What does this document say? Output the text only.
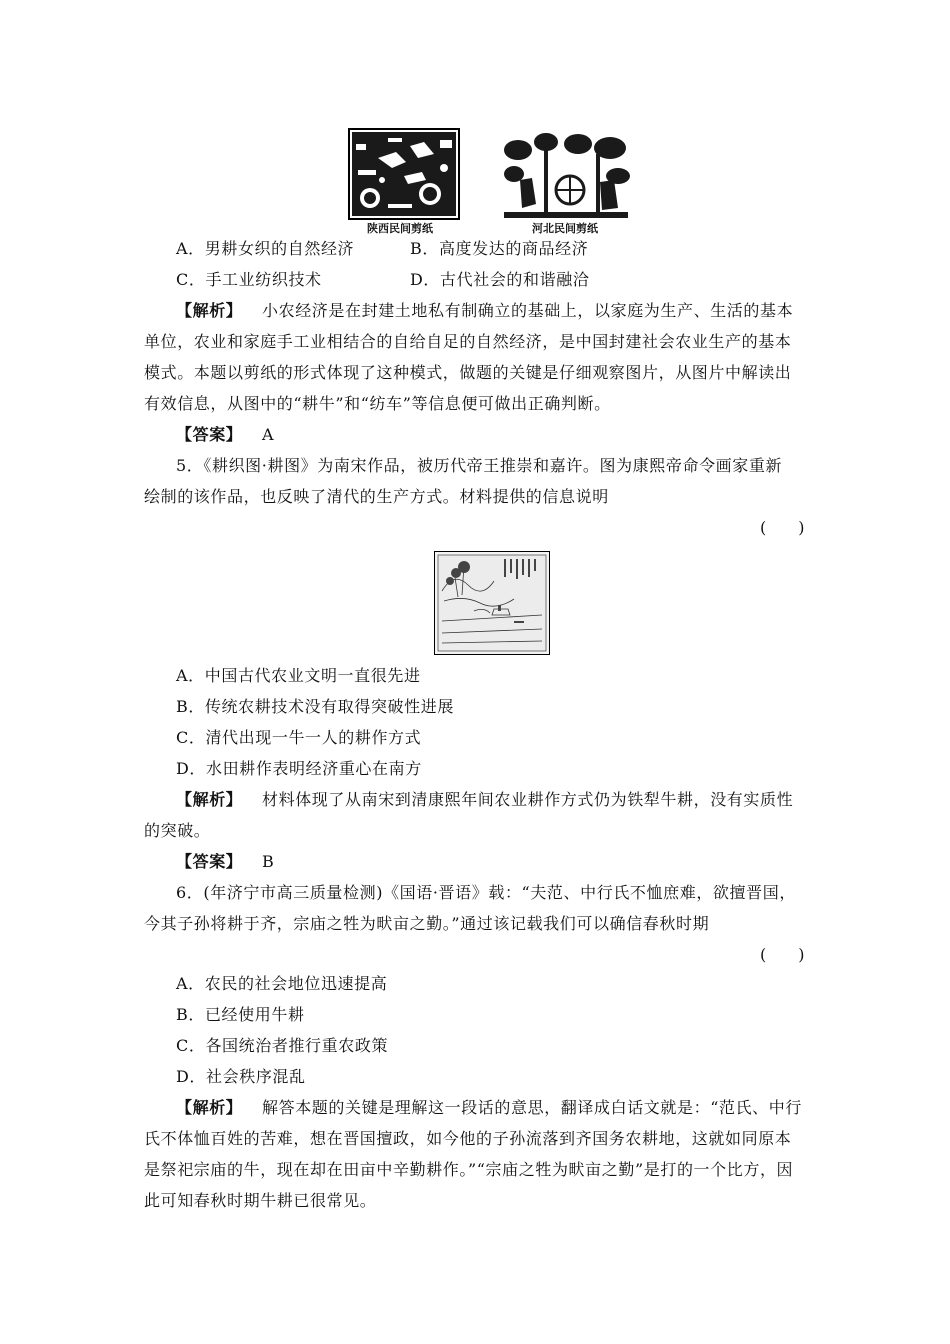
陕西民间剪纸	河北民间剪纸
A．男耕女织的自然经济	B．高度发达的商品经济
C．手工业纺织技术	D．古代社会的和谐融洽
【解析】 小农经济是在封建土地私有制确立的基础上，以家庭为生产、生活的基本
单位，农业和家庭手工业相结合的自给自足的自然经济，是中国封建社会农业生产的基本
模式。本题以剪纸的形式体现了这种模式，做题的关键是仔细观察图片，从图片中解读出
有效信息，从图中的“耕牛”和“纺车”等信息便可做出正确判断。
【答案】 A
5．《耕织图·耕图》为南宋作品，被历代帝王推崇和嘉许。图为康熙帝命令画家重新
绘制的该作品，也反映了清代的生产方式。材料提供的信息说明
(　　)
A．中国古代农业文明一直很先进
B．传统农耕技术没有取得突破性进展
C．清代出现一牛一人的耕作方式
D．水田耕作表明经济重心在南方
【解析】 材料体现了从南宋到清康熙年间农业耕作方式仍为铁犁牛耕，没有实质性
的突破。
【答案】 B
6．(年济宁市高三质量检测)《国语·晋语》载：“夫范、中行氏不恤庶难，欲擅晋国，
今其子孙将耕于齐，宗庙之牲为畎亩之勤。”通过该记载我们可以确信春秋时期
(　　)
A．农民的社会地位迅速提高
B．已经使用牛耕
C．各国统治者推行重农政策
D．社会秩序混乱
【解析】 解答本题的关键是理解这一段话的意思，翻译成白话文就是：“范氏、中行
氏不体恤百姓的苦难，想在晋国擅政，如今他的子孙流落到齐国务农耕地，这就如同原本
是祭祀宗庙的牛，现在却在田亩中辛勤耕作。”“宗庙之牲为畎亩之勤”是打的一个比方，因
此可知春秋时期牛耕已很常见。
